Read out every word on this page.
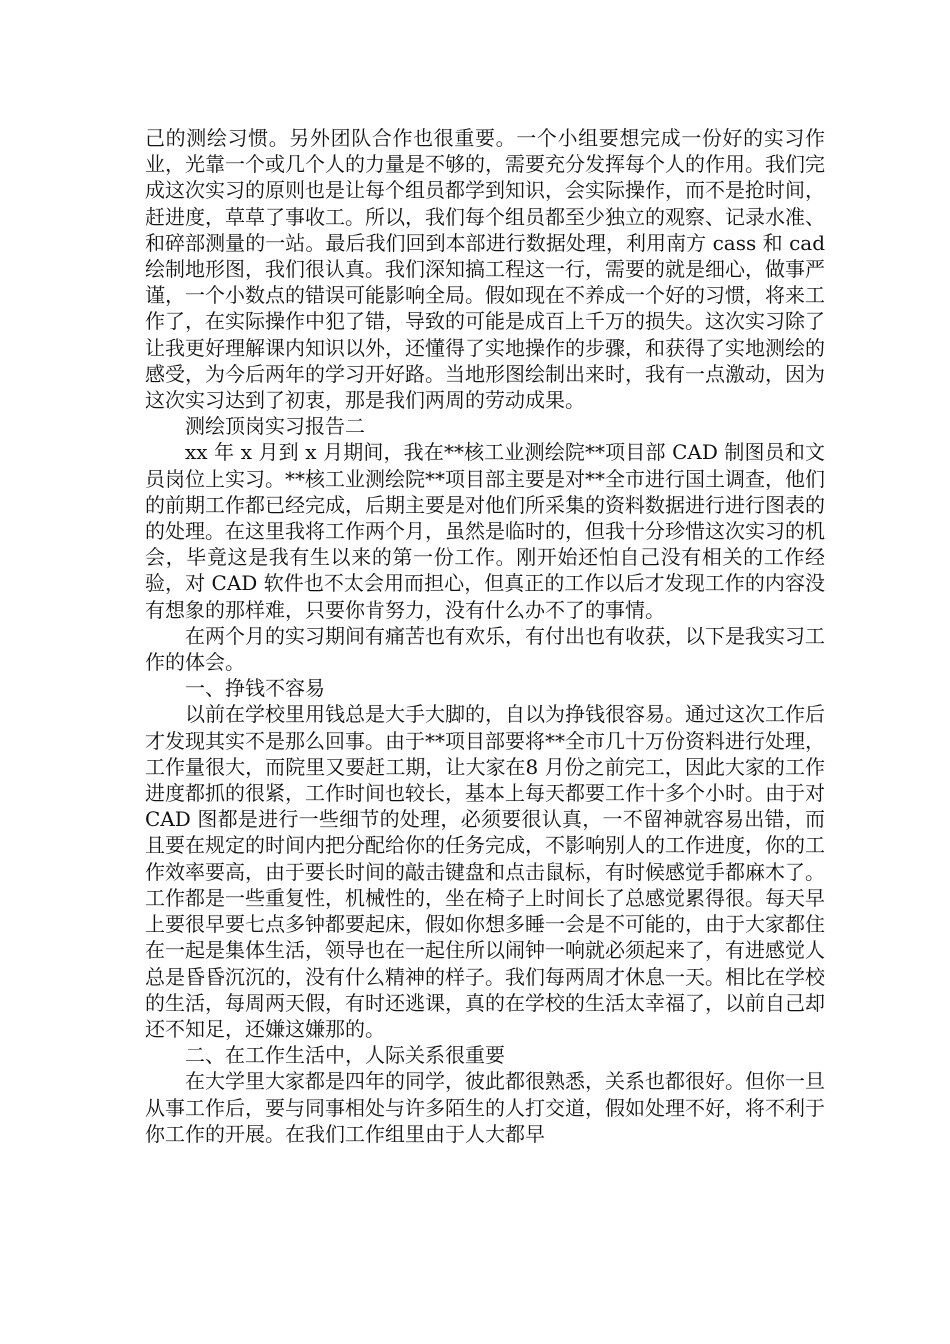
己的测绘习惯。另外团队合作也很重要。一个小组要想完成一份好的实习作业，光靠一个或几个人的力量是不够的，需要充分发挥每个人的作用。我们完成这次实习的原则也是让每个组员都学到知识，会实际操作，而不是抢时间，赶进度，草草了事收工。所以，我们每个组员都至少独立的观察、记录水准、和碎部测量的一站。最后我们回到本部进行数据处理，利用南方 cass 和 cad 绘制地形图，我们很认真。我们深知搞工程这一行，需要的就是细心，做事严谨，一个小数点的错误可能影响全局。假如现在不养成一个好的习惯，将来工作了，在实际操作中犯了错，导致的可能是成百上千万的损失。这次实习除了让我更好理解课内知识以外，还懂得了实地操作的步骤，和获得了实地测绘的感受，为今后两年的学习开好路。当地形图绘制出来时，我有一点激动，因为这次实习达到了初衷，那是我们两周的劳动成果。

测绘顶岗实习报告二

xx 年 x 月到 x 月期间，我在**核工业测绘院**项目部 CAD 制图员和文员岗位上实习。**核工业测绘院**项目部主要是对**全市进行国土调查，他们的前期工作都已经完成，后期主要是对他们所采集的资料数据进行进行图表的的处理。在这里我将工作两个月，虽然是临时的，但我十分珍惜这次实习的机会，毕竟这是我有生以来的第一份工作。刚开始还怕自己没有相关的工作经验，对 CAD 软件也不太会用而担心，但真正的工作以后才发现工作的内容没有想象的那样难，只要你肯努力，没有什么办不了的事情。

在两个月的实习期间有痛苦也有欢乐，有付出也有收获，以下是我实习工作的体会。

一、挣钱不容易

以前在学校里用钱总是大手大脚的，自以为挣钱很容易。通过这次工作后才发现其实不是那么回事。由于**项目部要将**全市几十万份资料进行处理，工作量很大，而院里又要赶工期，让大家在8 月份之前完工，因此大家的工作进度都抓的很紧，工作时间也较长，基本上每天都要工作十多个小时。由于对 CAD 图都是进行一些细节的处理，必须要很认真，一不留神就容易出错，而且要在规定的时间内把分配给你的任务完成，不影响别人的工作进度，你的工作效率要高，由于要长时间的敲击键盘和点击鼠标，有时候感觉手都麻木了。工作都是一些重复性，机械性的，坐在椅子上时间长了总感觉累得很。每天早上要很早要七点多钟都要起床，假如你想多睡一会是不可能的，由于大家都住在一起是集体生活，领导也在一起住所以闹钟一响就必须起来了，有进感觉人总是昏昏沉沉的，没有什么精神的样子。我们每两周才休息一天。相比在学校的生活，每周两天假，有时还逃课，真的在学校的生活太幸福了，以前自己却还不知足，还嫌这嫌那的。

二、在工作生活中，人际关系很重要

在大学里大家都是四年的同学，彼此都很熟悉，关系也都很好。但你一旦从事工作后，要与同事相处与许多陌生的人打交道，假如处理不好，将不利于你工作的开展。在我们工作组里由于人大都早
